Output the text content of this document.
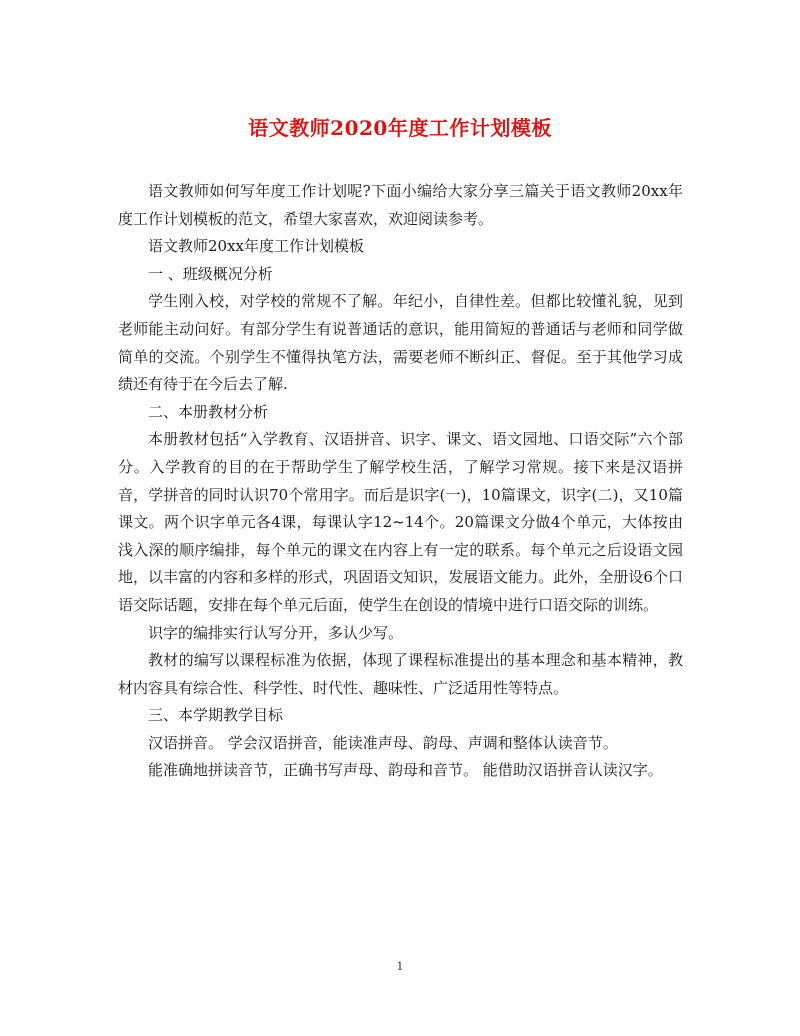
语文教师2020年度工作计划模板

语文教师如何写年度工作计划呢?下面小编给大家分享三篇关于语文教师20xx年度工作计划模板的范文，希望大家喜欢，欢迎阅读参考。

语文教师20xx年度工作计划模板

一 、班级概况分析

学生刚入校，对学校的常规不了解。年纪小，自律性差。但都比较懂礼貌，见到老师能主动问好。有部分学生有说普通话的意识，能用简短的普通话与老师和同学做简单的交流。个别学生不懂得执笔方法，需要老师不断纠正、督促。至于其他学习成绩还有待于在今后去了解.

二、本册教材分析

本册教材包括“入学教育、汉语拼音、识字、课文、语文园地、口语交际”六个部分。入学教育的目的在于帮助学生了解学校生活，了解学习常规。接下来是汉语拼音，学拼音的同时认识70个常用字。而后是识字(一)，10篇课文，识字(二)，又10篇课文。两个识字单元各4课，每课认字12~14个。20篇课文分做4个单元，大体按由浅入深的顺序编排，每个单元的课文在内容上有一定的联系。每个单元之后设语文园地，以丰富的内容和多样的形式，巩固语文知识，发展语文能力。此外，全册设6个口语交际话题，安排在每个单元后面，使学生在创设的情境中进行口语交际的训练。

识字的编排实行认写分开，多认少写。

教材的编写以课程标准为依据，体现了课程标准提出的基本理念和基本精神，教材内容具有综合性、科学性、时代性、趣味性、广泛适用性等特点。

三、本学期教学目标

汉语拼音。 学会汉语拼音，能读准声母、韵母、声调和整体认读音节。

能准确地拼读音节，正确书写声母、韵母和音节。 能借助汉语拼音认读汉字。

1
